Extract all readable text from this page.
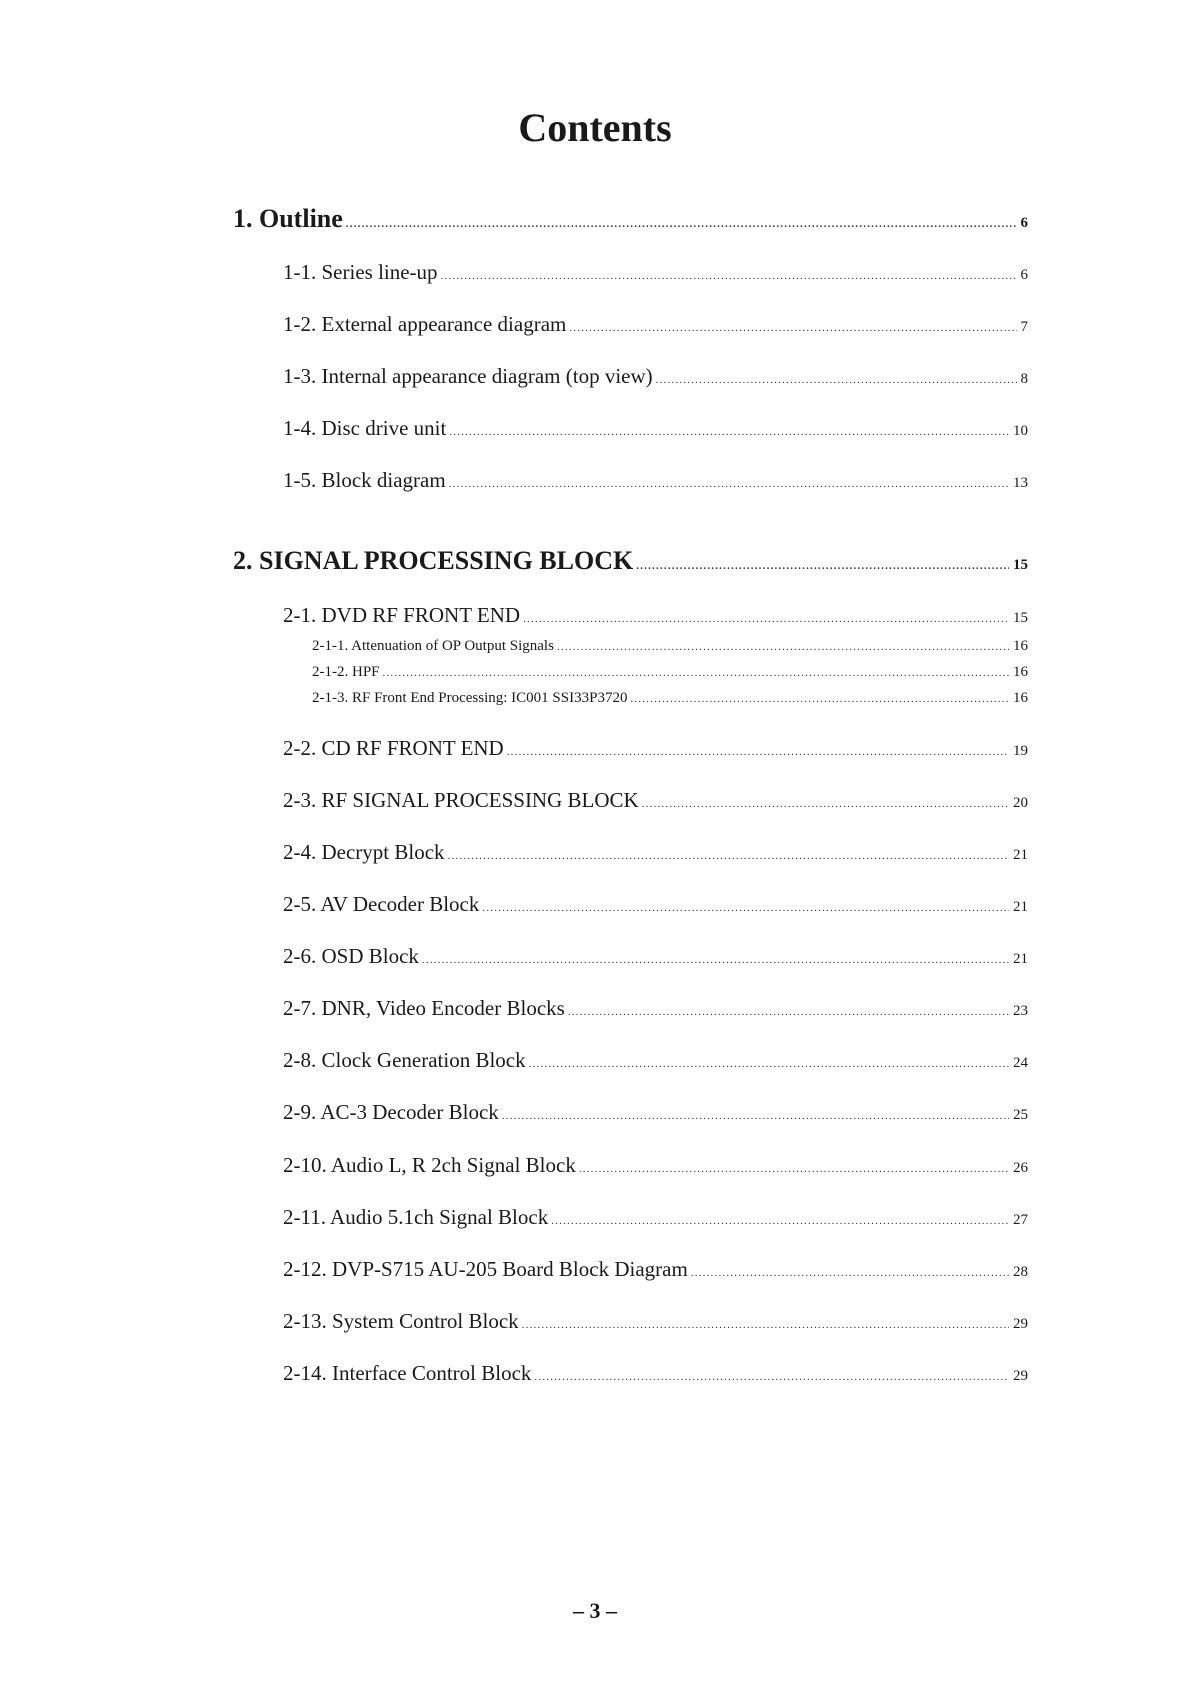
Contents
1. Outline .....	6
1-1. Series line-up .....	6
1-2. External appearance diagram .....	7
1-3. Internal appearance diagram (top view) .....	8
1-4. Disc drive unit .....	10
1-5. Block diagram .....	13
2. SIGNAL PROCESSING BLOCK .....	15
2-1. DVD RF FRONT END .....	15
2-1-1. Attenuation of OP Output Signals .....	16
2-1-2. HPF .....	16
2-1-3. RF Front End Processing: IC001 SSI33P3720 .....	16
2-2. CD RF FRONT END .....	19
2-3. RF SIGNAL PROCESSING BLOCK .....	20
2-4. Decrypt Block .....	21
2-5. AV Decoder Block .....	21
2-6. OSD Block .....	21
2-7. DNR, Video Encoder Blocks .....	23
2-8. Clock Generation Block .....	24
2-9. AC-3 Decoder Block .....	25
2-10. Audio L, R 2ch Signal Block .....	26
2-11. Audio 5.1ch Signal Block .....	27
2-12. DVP-S715 AU-205 Board Block Diagram .....	28
2-13. System Control Block .....	29
2-14. Interface Control Block .....	29
– 3 –
